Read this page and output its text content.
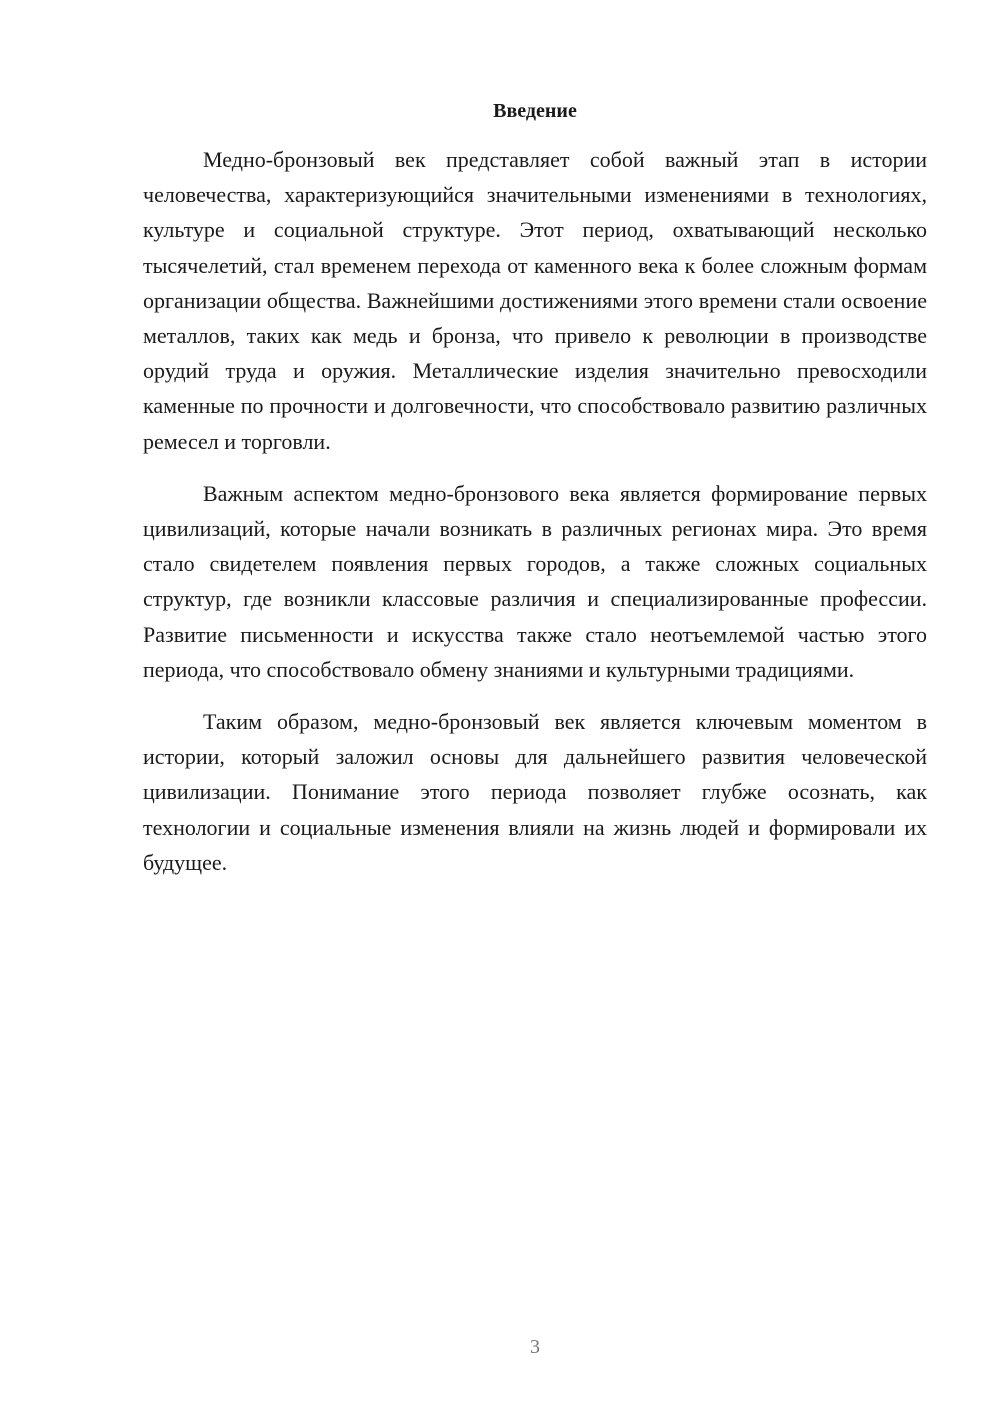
Введение

Медно-бронзовый век представляет собой важный этап в истории человечества, характеризующийся значительными изменениями в технологиях, культуре и социальной структуре. Этот период, охватывающий несколько тысячелетий, стал временем перехода от каменного века к более сложным формам организации общества. Важнейшими достижениями этого времени стали освоение металлов, таких как медь и бронза, что привело к революции в производстве орудий труда и оружия. Металлические изделия значительно превосходили каменные по прочности и долговечности, что способствовало развитию различных ремесел и торговли.

Важным аспектом медно-бронзового века является формирование первых цивилизаций, которые начали возникать в различных регионах мира. Это время стало свидетелем появления первых городов, а также сложных социальных структур, где возникли классовые различия и специализированные профессии. Развитие письменности и искусства также стало неотъемлемой частью этого периода, что способствовало обмену знаниями и культурными традициями.

Таким образом, медно-бронзовый век является ключевым моментом в истории, который заложил основы для дальнейшего развития человеческой цивилизации. Понимание этого периода позволяет глубже осознать, как технологии и социальные изменения влияли на жизнь людей и формировали их будущее.

3
